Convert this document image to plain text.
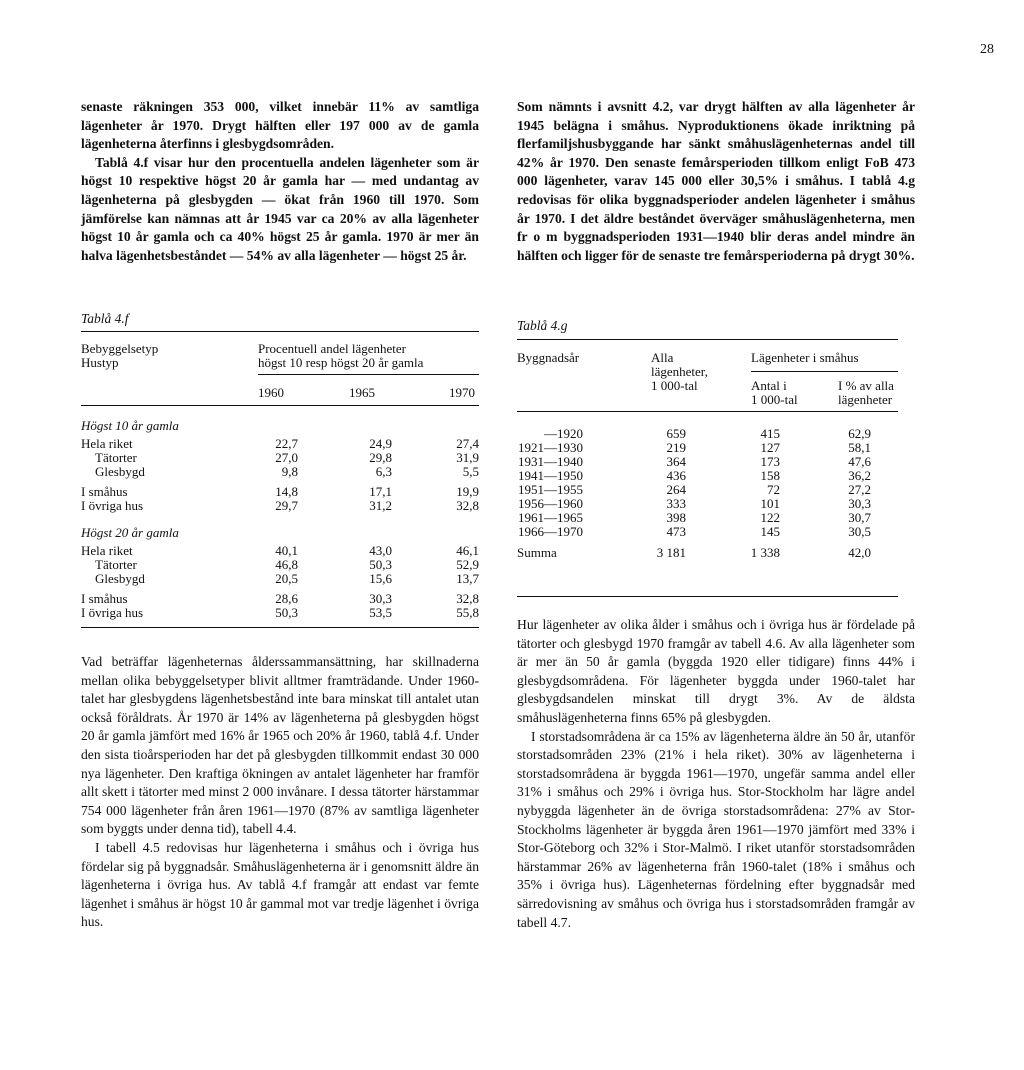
28

senaste räkningen 353 000, vilket innebär 11% av samtliga lägenheter år 1970. Drygt hälften eller 197 000 av de gamla lägenheterna återfinns i glesbygdsområden.

Tablå 4.f visar hur den procentuella andelen lägenheter som är högst 10 respektive högst 20 år gamla har — med undantag av lägenheterna på glesbygden — ökat från 1960 till 1970. Som jämförelse kan nämnas att år 1945 var ca 20% av alla lägenheter högst 10 år gamla och ca 40% högst 25 år gamla. 1970 är mer än halva lägenhetsbeståndet — 54% av alla lägenheter — högst 25 år.

Som nämnts i avsnitt 4.2, var drygt hälften av alla lägenheter år 1945 belägna i småhus. Nyproduktionens ökade inriktning på flerfamiljshusbyggande har sänkt småhuslägenheternas andel till 42% år 1970. Den senaste femårsperioden tillkom enligt FoB 473 000 lägenheter, varav 145 000 eller 30,5% i småhus. I tablå 4.g redovisas för olika byggnadsperioder andelen lägenheter i småhus år 1970. I det äldre beståndet överväger småhuslägenheterna, men fr o m byggnadsperioden 1931—1940 blir deras andel mindre än hälften och ligger för de senaste tre femårsperioderna på drygt 30%.

Tablå 4.f
Bebyggelsetyp
Hustyp
Procentuell andel lägenheter
högst 10 resp högst 20 år gamla
1960	1965	1970
Högst 10 år gamla
Hela riket	22,7	24,9	27,4
Tätorter	27,0	29,8	31,9
Glesbygd	9,8	6,3	5,5
I småhus	14,8	17,1	19,9
I övriga hus	29,7	31,2	32,8
Högst 20 år gamla
Hela riket	40,1	43,0	46,1
Tätorter	46,8	50,3	52,9
Glesbygd	20,5	15,6	13,7
I småhus	28,6	30,3	32,8
I övriga hus	50,3	53,5	55,8
Tablå 4.g
Byggnadsår	Alla
lägenheter,
1 000-tal
Lägenheter i småhus
Antal i
1 000-tal
I % av alla
lägenheter
—1920	659	415	62,9
1921—1930	219	127	58,1
1931—1940	364	173	47,6
1941—1950	436	158	36,2
1951—1955	264	72	27,2
1956—1960	333	101	30,3
1961—1965	398	122	30,7
1966—1970	473	145	30,5
Summa	3 181	1 338	42,0

Vad beträffar lägenheternas ålderssammansättning, har skillnaderna mellan olika bebyggelsetyper blivit alltmer framträdande. Under 1960-talet har glesbygdens lägenhetsbestånd inte bara minskat till antalet utan också föråldrats. År 1970 är 14% av lägenheterna på glesbygden högst 20 år gamla jämfört med 16% år 1965 och 20% år 1960, tablå 4.f. Under den sista tioårsperioden har det på glesbygden tillkommit endast 30 000 nya lägenheter. Den kraftiga ökningen av antalet lägenheter har framför allt skett i tätorter med minst 2 000 invånare. I dessa tätorter härstammar 754 000 lägenheter från åren 1961—1970 (87% av samtliga lägenheter som byggts under denna tid), tabell 4.4.

I tabell 4.5 redovisas hur lägenheterna i småhus och i övriga hus fördelar sig på byggnadsår. Småhuslägenheterna är i genomsnitt äldre än lägenheterna i övriga hus. Av tablå 4.f framgår att endast var femte lägenhet i småhus är högst 10 år gammal mot var tredje lägenhet i övriga hus.

Hur lägenheter av olika ålder i småhus och i övriga hus är fördelade på tätorter och glesbygd 1970 framgår av tabell 4.6. Av alla lägenheter som är mer än 50 år gamla (byggda 1920 eller tidigare) finns 44% i glesbygdsområdena. För lägenheter byggda under 1960-talet har glesbygdsandelen minskat till drygt 3%. Av de äldsta småhuslägenheterna finns 65% på glesbygden.

I storstadsområdena är ca 15% av lägenheterna äldre än 50 år, utanför storstadsområden 23% (21% i hela riket). 30% av lägenheterna i storstadsområdena är byggda 1961—1970, ungefär samma andel eller 31% i småhus och 29% i övriga hus. Stor-Stockholm har lägre andel nybyggda lägenheter än de övriga storstadsområdena: 27% av Stor-Stockholms lägenheter är byggda åren 1961—1970 jämfört med 33% i Stor-Göteborg och 32% i Stor-Malmö. I riket utanför storstadsområden härstammar 26% av lägenheterna från 1960-talet (18% i småhus och 35% i övriga hus). Lägenheternas fördelning efter byggnadsår med särredovisning av småhus och övriga hus i storstadsområden framgår av tabell 4.7.
